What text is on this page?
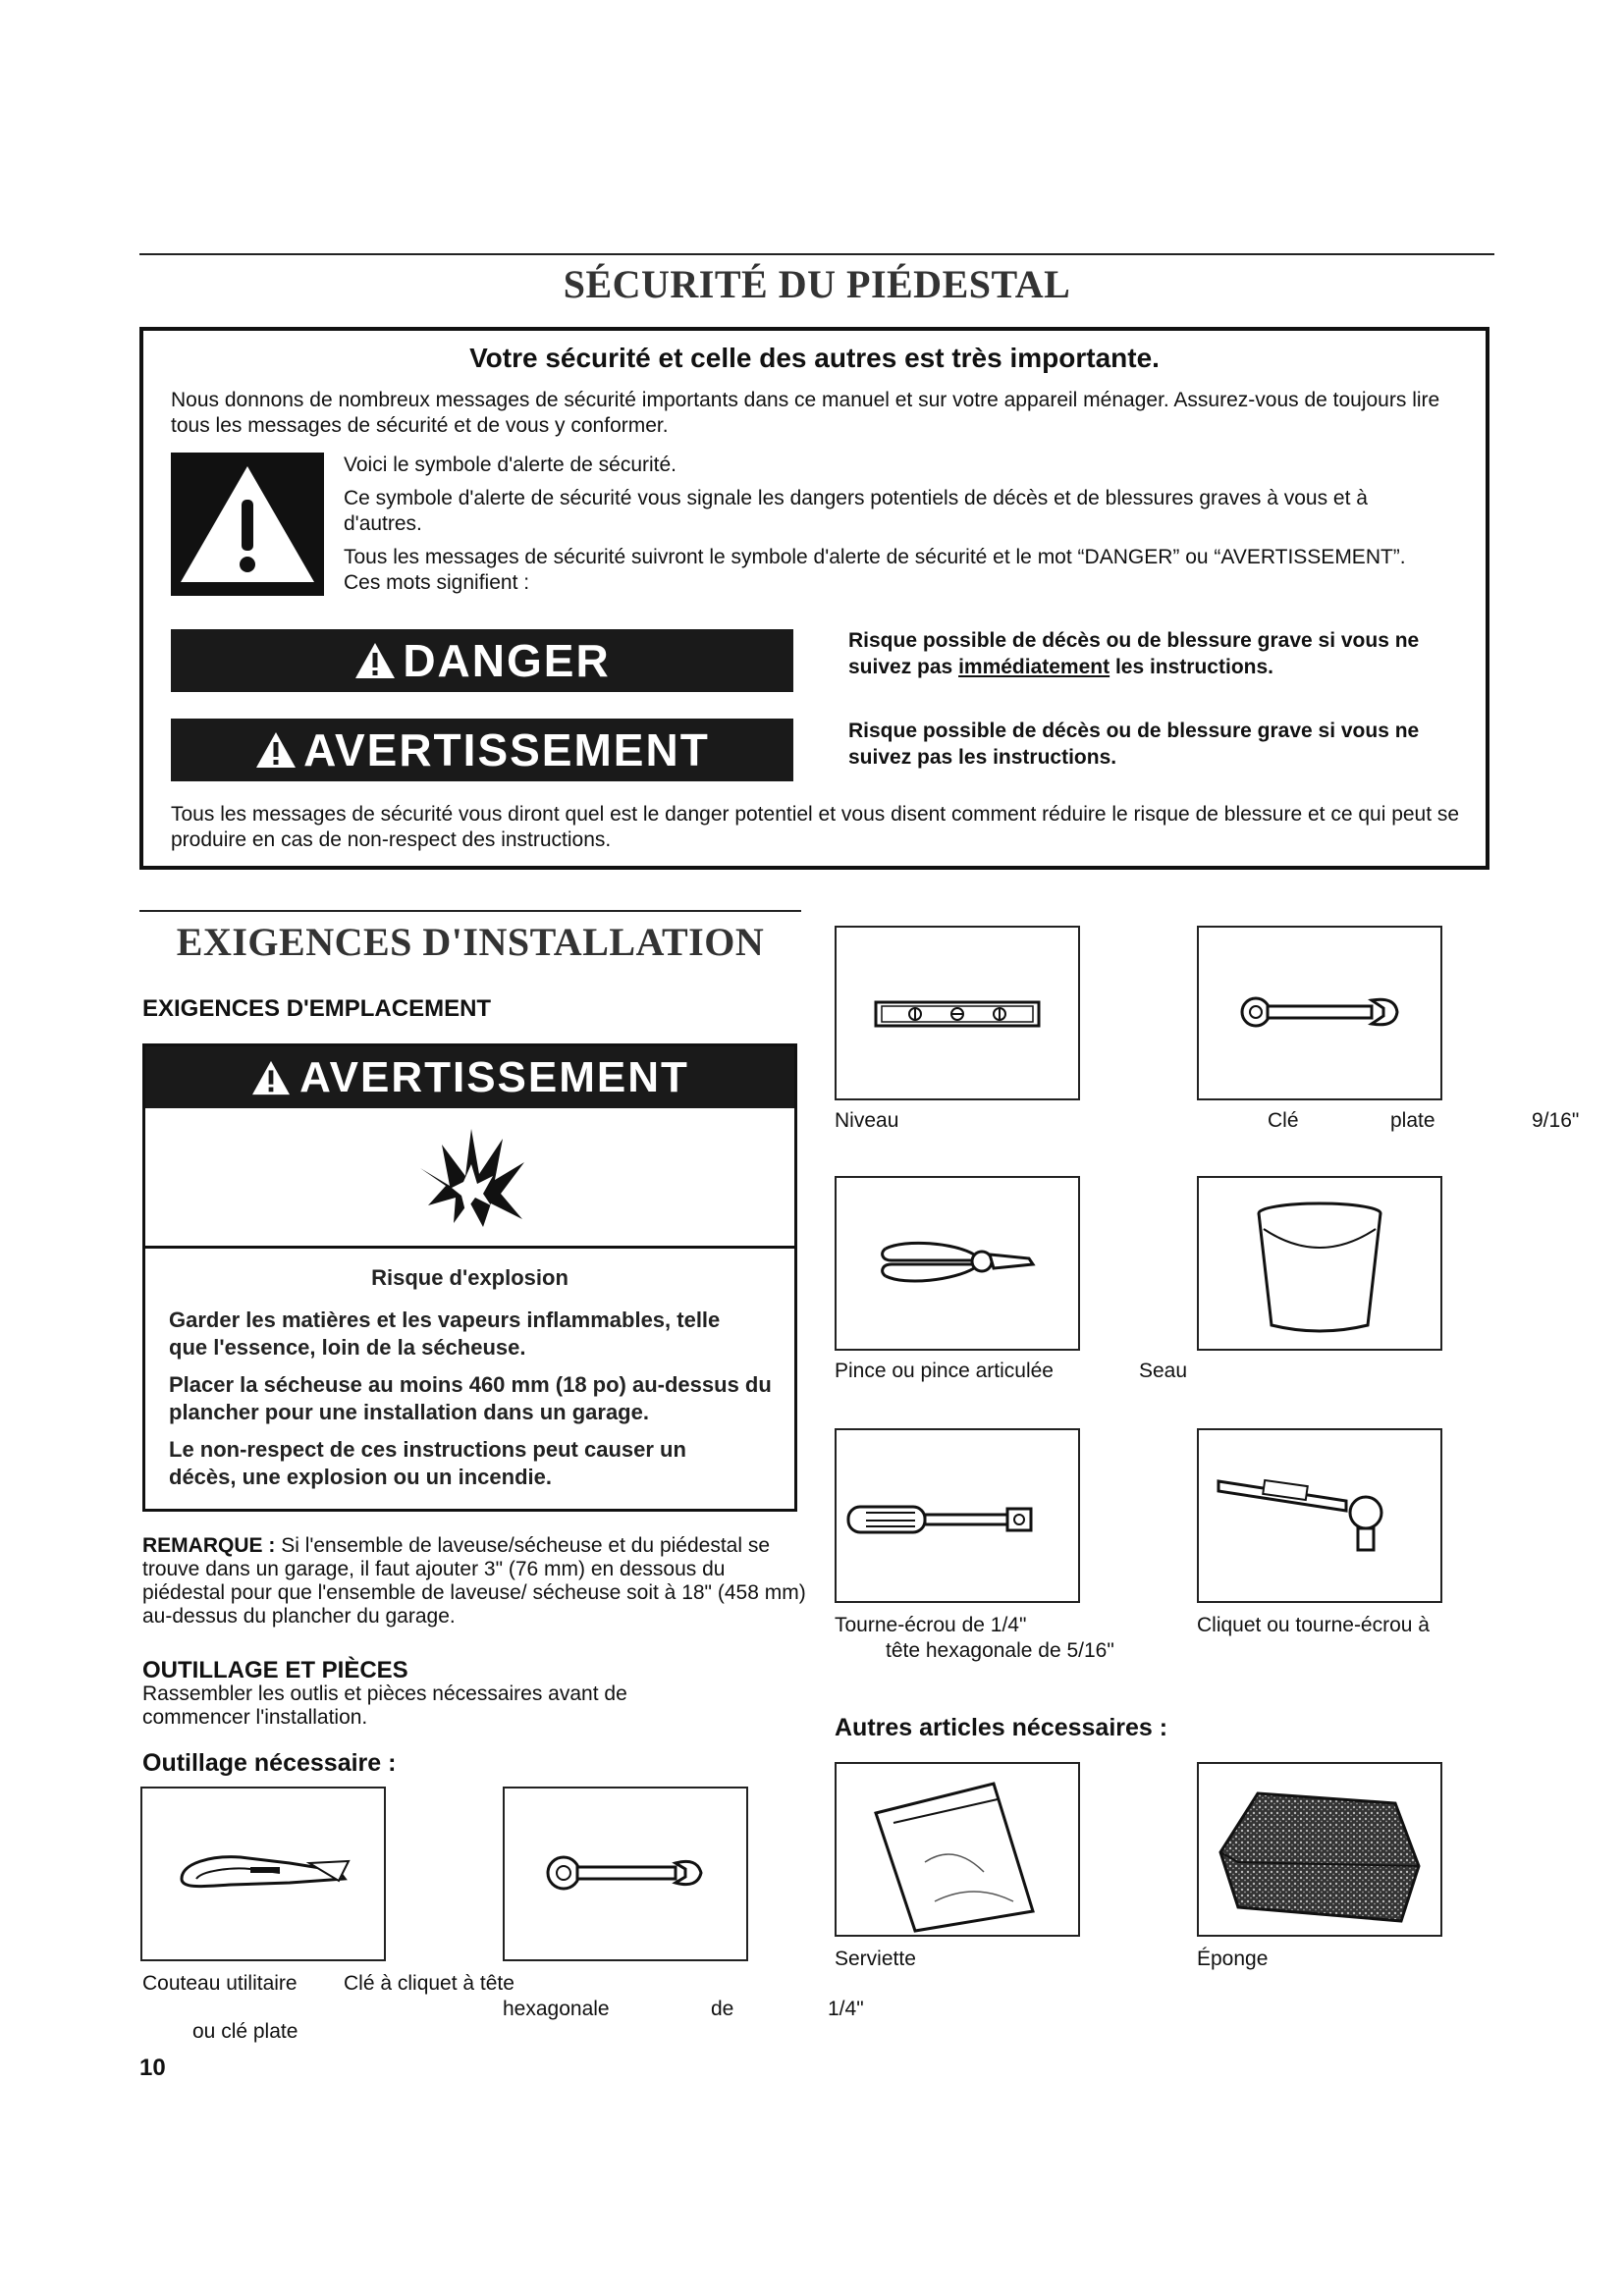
SÉCURITÉ DU PIÉDESTAL
Votre sécurité et celle des autres est très importante.
Nous donnons de nombreux messages de sécurité importants dans ce manuel et sur votre appareil ménager. Assurez-vous de toujours lire tous les messages de sécurité et de vous y conformer.
Voici le symbole d'alerte de sécurité.
Ce symbole d'alerte de sécurité vous signale les dangers potentiels de décès et de blessures graves à vous et à d'autres.
Tous les messages de sécurité suivront le symbole d'alerte de sécurité et le mot “DANGER” ou “AVERTISSEMENT”. Ces mots signifient :
DANGER	Risque possible de décès ou de blessure grave si vous ne suivez pas immédiatement les instructions.
AVERTISSEMENT	Risque possible de décès ou de blessure grave si vous ne suivez pas les instructions.
Tous les messages de sécurité vous diront quel est le danger potentiel et vous disent comment réduire le risque de blessure et ce qui peut se produire en cas de non-respect des instructions.
EXIGENCES D'INSTALLATION
EXIGENCES D'EMPLACEMENT
AVERTISSEMENT
Risque d'explosion
Garder les matières et les vapeurs inflammables, telle que l'essence, loin de la sécheuse.
Placer la sécheuse au moins 460 mm (18 po) au-dessus du plancher pour une installation dans un garage.
Le non-respect de ces instructions peut causer un décès, une explosion ou un incendie.
REMARQUE : Si l'ensemble de laveuse/sécheuse et du piédestal se trouve dans un garage, il faut ajouter 3" (76 mm) en dessous du piédestal pour que l'ensemble de laveuse/ sécheuse soit à 18" (458 mm) au-dessus du plancher du garage.
OUTILLAGE ET PIÈCES
Rassembler les outlis et pièces nécessaires avant de commencer l'installation.
Outillage nécessaire :
Couteau utilitaire Clé à cliquet à tête
hexagonale	de	1/4"
ou clé plate
10
Niveau	Clé	plate	9/16"
Pince ou pince articulée	Seau
Tourne-écrou de 1/4"
tête hexagonale de 5/16"
Cliquet ou tourne-écrou à
Autres articles nécessaires :
Serviette	Éponge
